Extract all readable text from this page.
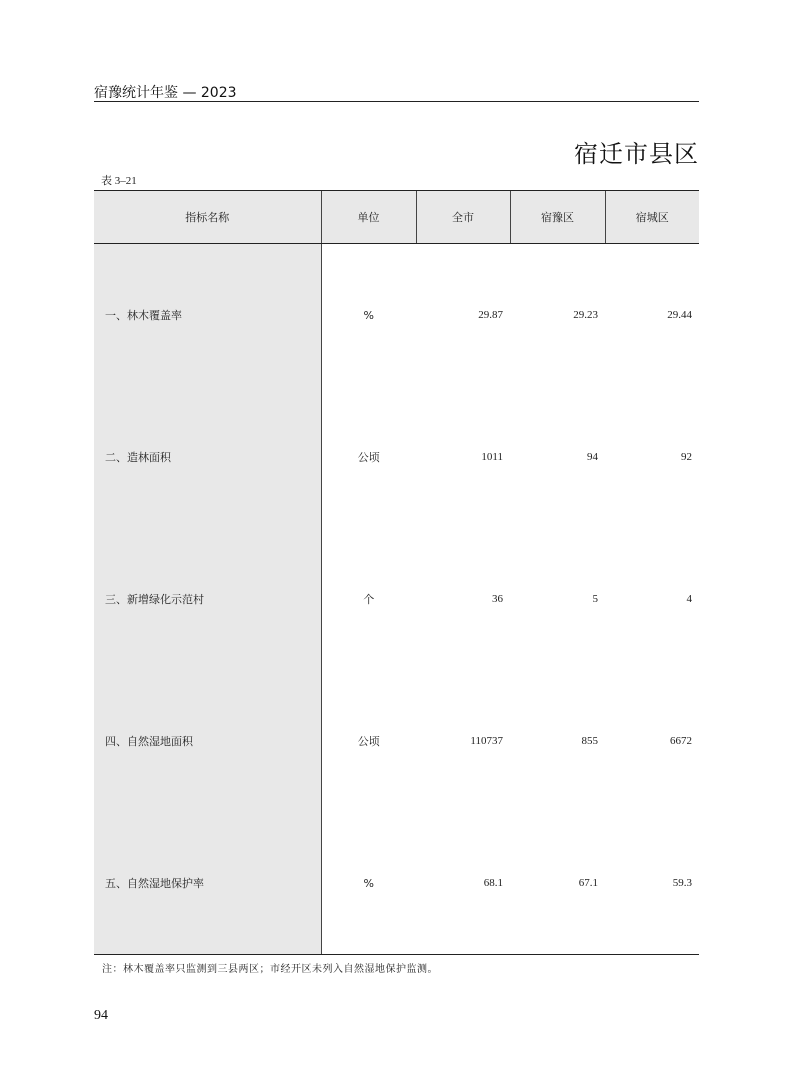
宿豫统计年鉴 — 2023
宿迁市县区
表 3–21
指标名称	单位	全市	宿豫区	宿城区
一、林木覆盖率	%	29.87	29.23	29.44
二、造林面积	公顷	1011	94	92
三、新增绿化示范村	个	36	5	4
四、自然湿地面积	公顷	110737	855	6672
五、自然湿地保护率	%	68.1	67.1	59.3
注：林木覆盖率只监测到三县两区；市经开区未列入自然湿地保护监测。
94
